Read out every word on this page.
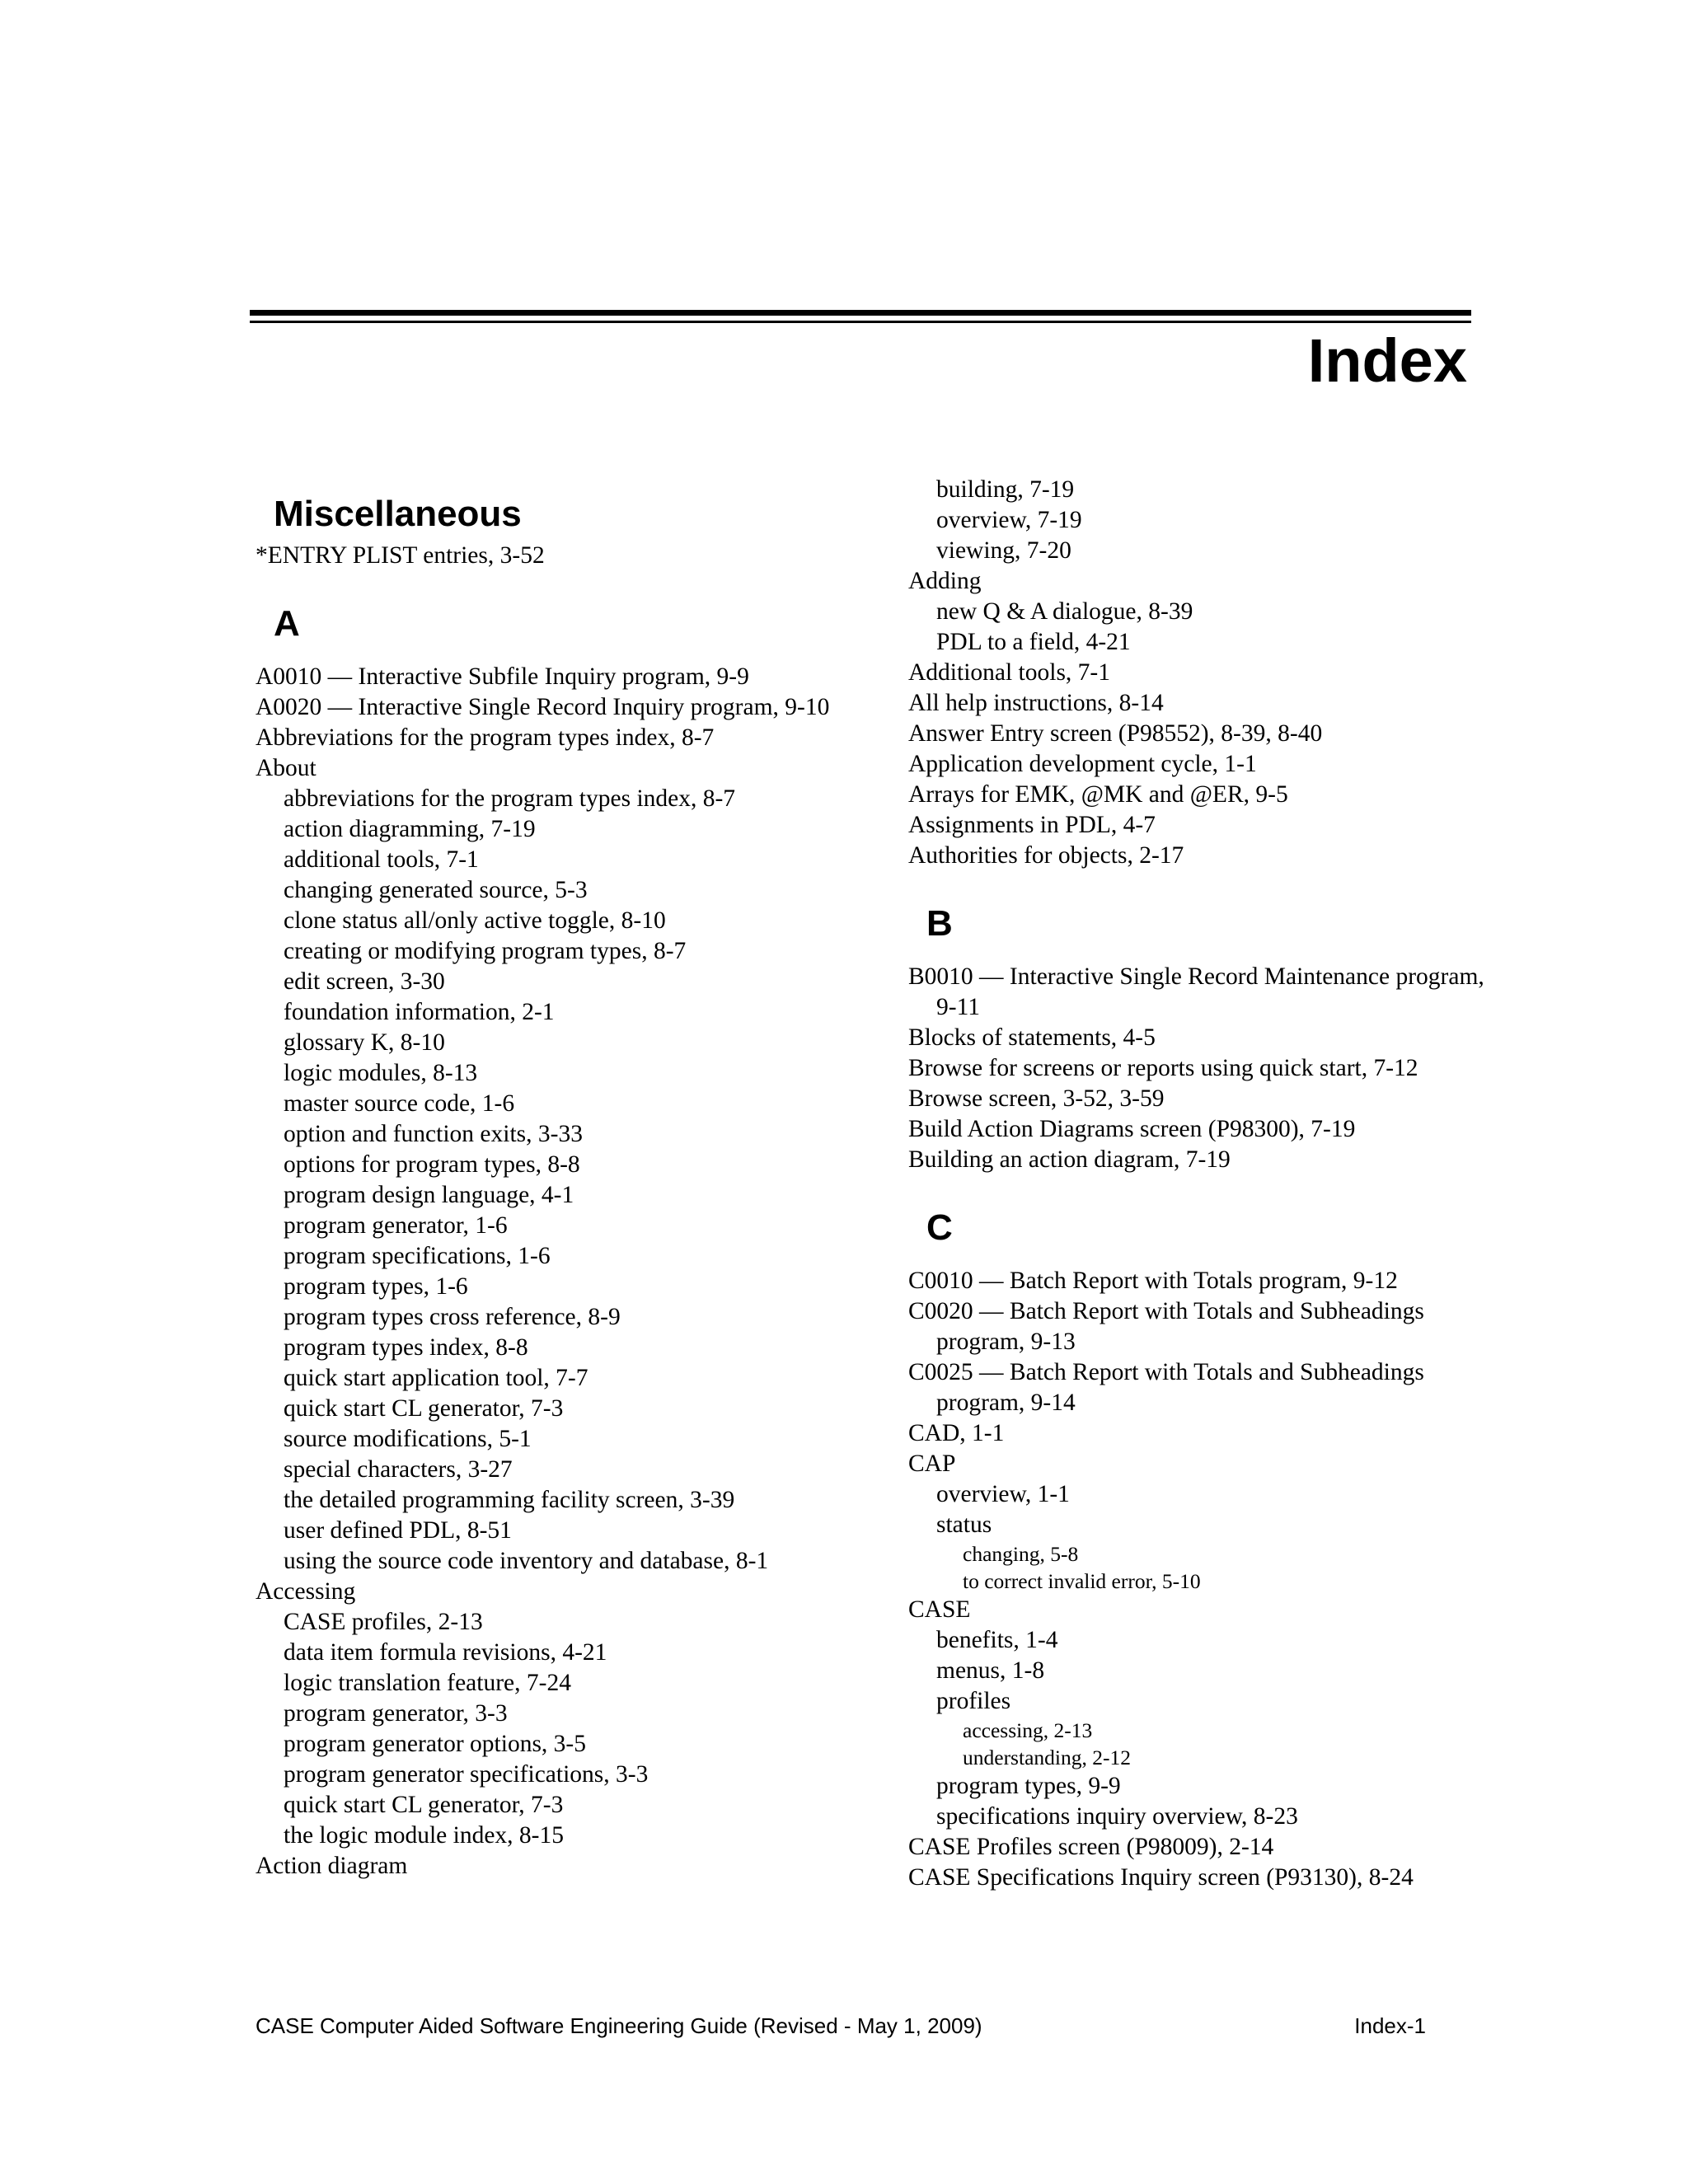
Index
Miscellaneous
*ENTRY PLIST entries, 3-52
A
A0010 — Interactive Subfile Inquiry program, 9-9
A0020 — Interactive Single Record Inquiry program, 9-10
Abbreviations for the program types index, 8-7
About
abbreviations for the program types index, 8-7
action diagramming, 7-19
additional tools, 7-1
changing generated source, 5-3
clone status all/only active toggle, 8-10
creating or modifying program types, 8-7
edit screen, 3-30
foundation information, 2-1
glossary K, 8-10
logic modules, 8-13
master source code, 1-6
option and function exits, 3-33
options for program types, 8-8
program design language, 4-1
program generator, 1-6
program specifications, 1-6
program types, 1-6
program types cross reference, 8-9
program types index, 8-8
quick start application tool, 7-7
quick start CL generator, 7-3
source modifications, 5-1
special characters, 3-27
the detailed programming facility screen, 3-39
user defined PDL, 8-51
using the source code inventory and database, 8-1
Accessing
CASE profiles, 2-13
data item formula revisions, 4-21
logic translation feature, 7-24
program generator, 3-3
program generator options, 3-5
program generator specifications, 3-3
quick start CL generator, 7-3
the logic module index, 8-15
Action diagram
building, 7-19
overview, 7-19
viewing, 7-20
Adding
new Q & A dialogue, 8-39
PDL to a field, 4-21
Additional tools, 7-1
All help instructions, 8-14
Answer Entry screen (P98552), 8-39, 8-40
Application development cycle, 1-1
Arrays for EMK, @MK and @ER, 9-5
Assignments in PDL, 4-7
Authorities for objects, 2-17
B
B0010 — Interactive Single Record Maintenance program, 9-11
Blocks of statements, 4-5
Browse for screens or reports using quick start, 7-12
Browse screen, 3-52, 3-59
Build Action Diagrams screen (P98300), 7-19
Building an action diagram, 7-19
C
C0010 — Batch Report with Totals program, 9-12
C0020 — Batch Report with Totals and Subheadings program, 9-13
C0025 — Batch Report with Totals and Subheadings program, 9-14
CAD, 1-1
CAP
overview, 1-1
status
changing, 5-8
to correct invalid error, 5-10
CASE
benefits, 1-4
menus, 1-8
profiles
accessing, 2-13
understanding, 2-12
program types, 9-9
specifications inquiry overview, 8-23
CASE Profiles screen (P98009), 2-14
CASE Specifications Inquiry screen (P93130), 8-24
CASE Computer Aided Software Engineering Guide (Revised - May 1, 2009)	Index-1
